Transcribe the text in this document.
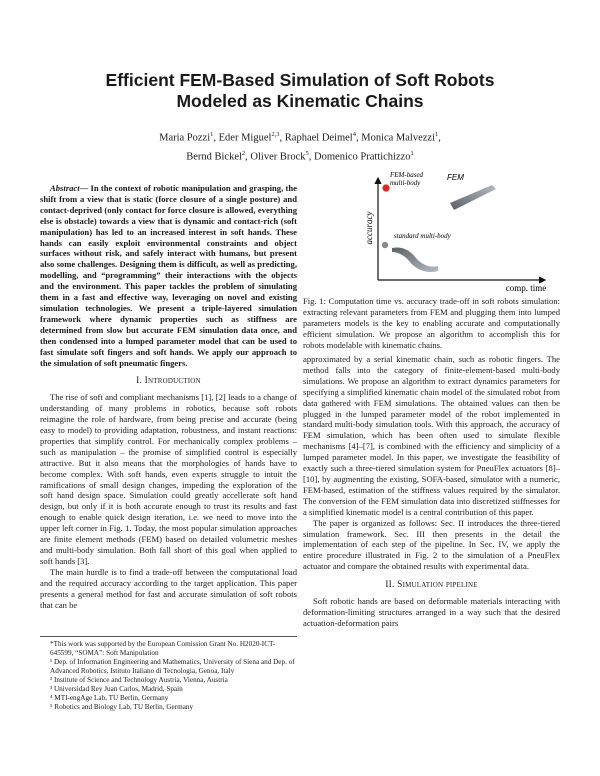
Efficient FEM-Based Simulation of Soft Robots
Modeled as Kinematic Chains
Maria Pozzi$^1$, Eder Miguel$^{2,3}$, Raphael Deimel$^4$, Monica Malvezzi$^1$,
Bernd Bickel$^2$, Oliver Brock$^5$, Domenico Prattichizzo$^1$

Abstract— In the context of robotic manipulation and grasping, the shift from a view that is static (force closure of a single posture) and contact-deprived (only contact for force closure is allowed, everything else is obstacle) towards a view that is dynamic and contact-rich (soft manipulation) has led to an increased interest in soft hands. These hands can easily exploit environmental constraints and object surfaces without risk, and safely interact with humans, but present also some challenges. Designing them is difficult, as well as predicting, modelling, and “programming” their interactions with the objects and the environment. This paper tackles the problem of simulating them in a fast and effective way, leveraging on novel and existing simulation technologies. We present a triple-layered simulation framework where dynamic properties such as stiffness are determined from slow but accurate FEM simulation data once, and then condensed into a lumped parameter model that can be used to fast simulate soft fingers and soft hands. We apply our approach to the simulation of soft pneumatic fingers.

I. Introduction

The rise of soft and compliant mechanisms [1], [2] leads to a change of understanding of many problems in robotics, because soft robots reimagine the role of hardware, from being precise and accurate (being easy to model) to providing adaptation, robustness, and instant reactions: properties that simplify control. For mechanically complex problems – such as manipulation – the promise of simplified control is especially attractive. But it also means that the morphologies of hands have to become complex. With soft hands, even experts struggle to intuit the ramifications of small design changes, impeding the exploration of the soft hand design space. Simulation could greatly accellerate soft hand design, but only if it is both accurate enough to trust its results and fast enough to enable quick design iteration, i.e. we need to move into the upper left corner in Fig. 1. Today, the most popular simulation approaches are finite element methods (FEM) based on detailed volumetric meshes and multi-body simulation. Both fall short of this goal when applied to soft hands [3].

The main hurdle is to find a trade-off between the computational load and the required accuracy according to the target application. This paper presents a general method for fast and accurate simulation of soft robots that can be

*This work was supported by the European Comission Grant No. H2020-ICT-645599, “SOMA”: Soft Manipulation
¹ Dep. of Information Engineering and Mathematics, University of Siena and Dep. of Advanced Robotics, Istituto Italiano di Tecnologia, Genoa, Italy
² Institute of Science and Technology Austria, Vienna, Austria
³ Universidad Rey Juan Carlos, Madrid, Spain
⁴ MTI-engAge Lab, TU Berlin, Germany
⁵ Robotics and Biology Lab, TU Berlin, Germany
accuracy
comp. time
FEM-based
multi-body
FEM
standard multi-body

Fig. 1: Computation time vs. accuracy trade-off in soft robots simulation: extracting relevant parameters from FEM and plugging them into lumped parameters models is the key to enabling accurate and computationally efficient simulation. We propose an algorithm to accomplish this for robots modelable with kinematic chains.

approximated by a serial kinematic chain, such as robotic fingers. The method falls into the category of finite-element-based multi-body simulations. We propose an algorithm to extract dynamics parameters for specifying a simplified kinematic chain model of the simulated robot from data gathered with FEM simulations. The obtained values can then be plugged in the lumped parameter model of the robot implemented in standard multi-body simulation tools. With this approach, the accuracy of FEM simulation, which has been often used to simulate flexible mechanisms [4]–[7], is combined with the efficiency and simplicity of a lumped parameter model. In this paper, we investigate the feasibility of exactly such a three-tiered simulation system for PneuFlex actuators [8]–[10], by augmenting the existing, SOFA-based, simulator with a numeric, FEM-based, estimation of the stiffness values required by the simulator. The conversion of the FEM simulation data into discretized stiffnesses for a simplified kinematic model is a central contribution of this paper.

The paper is organized as follows: Sec. II introduces the three-tiered simulation framework. Sec. III then presents in the detail the implementation of each step of the pipeline. In Sec. IV, we apply the entire procedure illustrated in Fig. 2 to the simulation of a PneuFlex actuator and compare the obtained results with experimental data.

II. Simulation pipeline

Soft robotic hands are based on deformable materials interacting with deformation-limiting structures arranged in a way such that the desired actuation-deformation pairs
